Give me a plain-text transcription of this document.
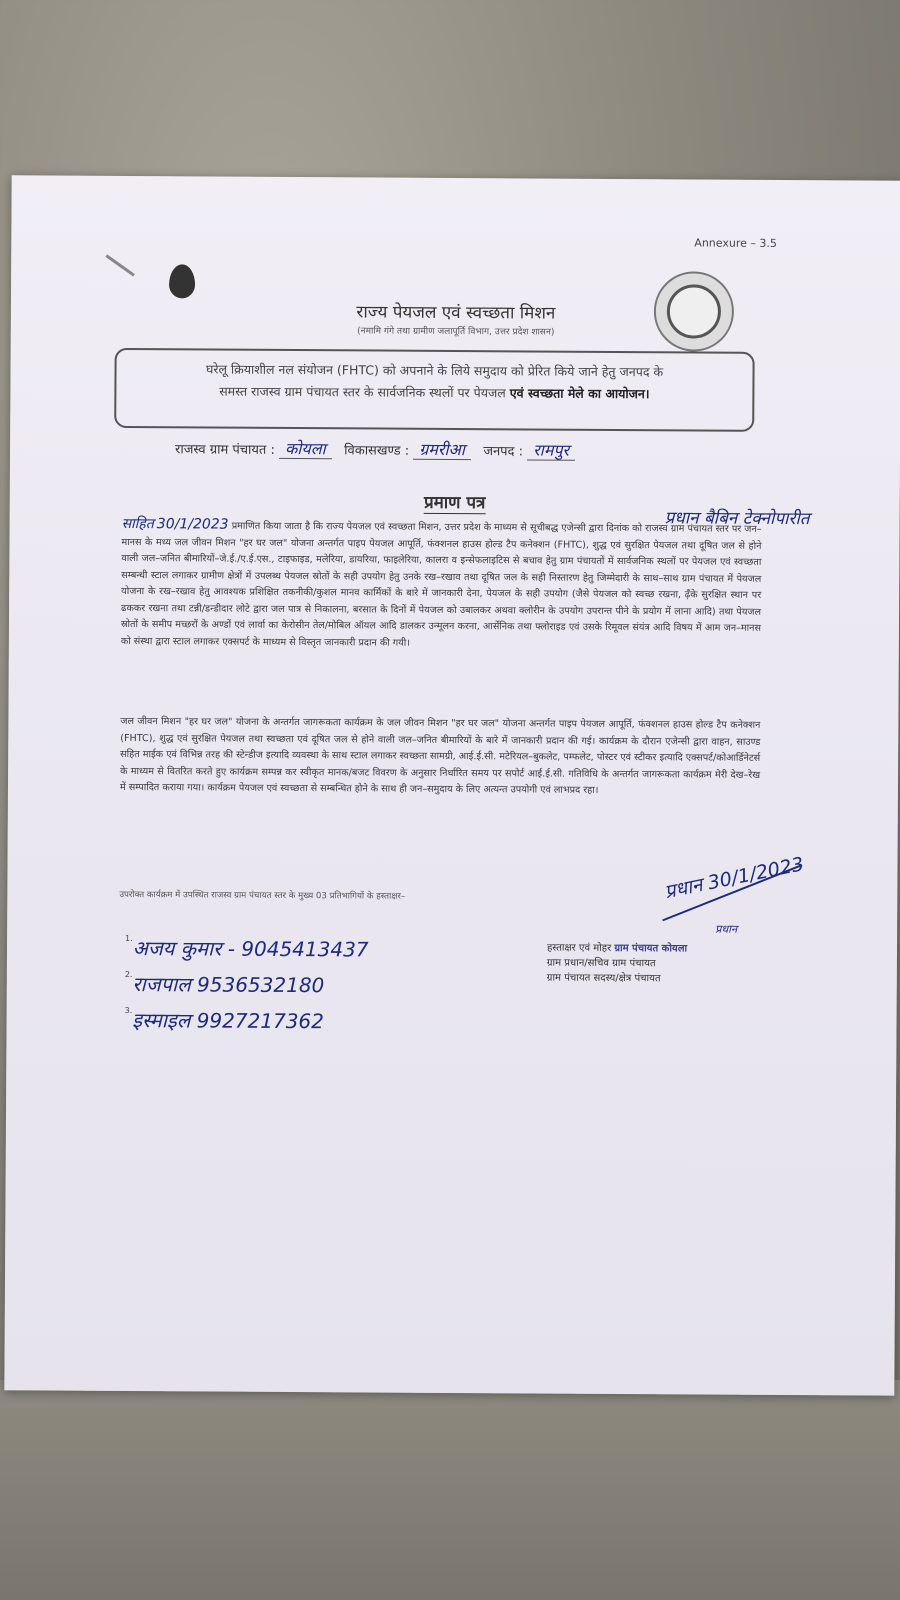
Annexure – 3.5
राज्य पेयजल एवं स्वच्छता मिशन
(नमामि गंगे तथा ग्रामीण जलापूर्ति विभाग, उत्तर प्रदेश शासन)
घरेलू क्रियाशील नल संयोजन (FHTC) को अपनाने के लिये समुदाय को प्रेरित किये जाने हेतु जनपद के
समस्त राजस्व ग्राम पंचायत स्तर के सार्वजनिक स्थलों पर पेयजल एवं स्वच्छता मेले का आयोजन।
राजस्व ग्राम पंचायत : कोयला विकासखण्ड : ग्रमरीआ जनपद : रामपुर
प्रमाण पत्र
प्रधान बैबिन टेक्नोपारीत
साहित 30/1/2023 प्रमाणित किया जाता है कि राज्य पेयजल एवं स्वच्छता मिशन, उत्तर प्रदेश के माध्यम से सूचीबद्ध एजेन्सी द्वारा दिनांक को राजस्व ग्राम पंचायत स्तर पर जन–मानस के मध्य जल जीवन मिशन "हर घर जल" योजना अन्तर्गत पाइप पेयजल आपूर्ति, फंक्शनल हाउस होल्ड टैप कनेक्शन (FHTC), शुद्ध एवं सुरक्षित पेयजल तथा दूषित जल से होने वाली जल–जनित बीमारियों–जे.ई./ए.ई.एस., टाइफाइड, मलेरिया, डायरिया, फाइलेरिया, कालरा व इन्सेफलाइटिस से बचाव हेतु ग्राम पंचायतों में सार्वजनिक स्थलों पर पेयजल एवं स्वच्छता सम्बन्धी स्टाल लगाकर ग्रामीण क्षेत्रों में उपलब्ध पेयजल स्रोतों के सही उपयोग हेतु उनके रख–रखाव तथा दूषित जल के सही निस्तारण हेतु जिम्मेदारी के साथ–साथ ग्राम पंचायत में पेयजल योजना के रख–रखाव हेतु आवश्यक प्रशिक्षित तकनीकी/कुशल मानव कार्मिकों के बारे में जानकारी देना, पेयजल के सही उपयोग (जैसे पेयजल को स्वच्छ रखना, ढ़ँके सुरक्षित स्थान पर ढककर रखना तथा टन्नी/डन्डीदार लोटे द्वारा जल पात्र से निकालना, बरसात के दिनों में पेयजल को उबालकर अथवा क्लोरीन के उपयोग उपरान्त पीने के प्रयोग में लाना आदि) तथा पेयजल स्रोतों के समीप मच्छरों के अण्डों एवं लार्वा का केरोसीन तेल/मोबिल ऑयल आदि डालकर उन्मूलन करना, आर्सेनिक तथा फ्लोराइड एवं उसके रिमूवल संयंत्र आदि विषय में आम जन–मानस को संस्था द्वारा स्टाल लगाकर एक्सपर्ट के माध्यम से विस्तृत जानकारी प्रदान की गयी।
जल जीवन मिशन "हर घर जल" योजना के अन्तर्गत जागरूकता कार्यक्रम के जल जीवन मिशन "हर घर जल" योजना अन्तर्गत पाइप पेयजल आपूर्ति, फंक्शनल हाउस होल्ड टैप कनेक्शन (FHTC), शुद्ध एवं सुरक्षित पेयजल तथा स्वच्छता एवं दूषित जल से होने वाली जल–जनित बीमारियों के बारे में जानकारी प्रदान की गई। कार्यक्रम के दौरान एजेन्सी द्वारा वाहन, साउण्ड सहित माईक एवं विभिन्न तरह की स्टेन्डीज इत्यादि व्यवस्था के साथ स्टाल लगाकर स्वच्छता सामग्री, आई.ई.सी. मटेरियल–बुकलेट, पम्फलेट, पोस्टर एवं स्टीकर इत्यादि एक्सपर्ट/कोआर्डिनेटर्स के माध्यम से वितरित करते हुए कार्यक्रम सम्पन्न कर स्वीकृत मानक/बजट विवरण के अनुसार निर्धारित समय पर सपोर्ट आई.ई.सी. गतिविधि के अन्तर्गत जागरूकता कार्यक्रम मेरी देख–रेख में सम्पादित कराया गया। कार्यक्रम पेयजल एवं स्वच्छता से सम्बन्धित होने के साथ ही जन–समुदाय के लिए अत्यन्त उपयोगी एवं लाभप्रद रहा।
उपरोक्त कार्यक्रम में उपस्थित राजस्व ग्राम पंचायत स्तर के मुख्य 03 प्रतिभागियों के हस्ताक्षर–
$^{1.}$अजय कुमार - 9045413437
$^{2.}$राजपाल 9536532180
$^{3.}$इस्माइल 9927217362
प्रधान 30/1/2023
प्रधान
हस्ताक्षर एवं मोहर ग्राम पंचायत कोयला
ग्राम प्रधान/सचिव ग्राम पंचायत
ग्राम पंचायत सदस्य/क्षेत्र पंचायत
